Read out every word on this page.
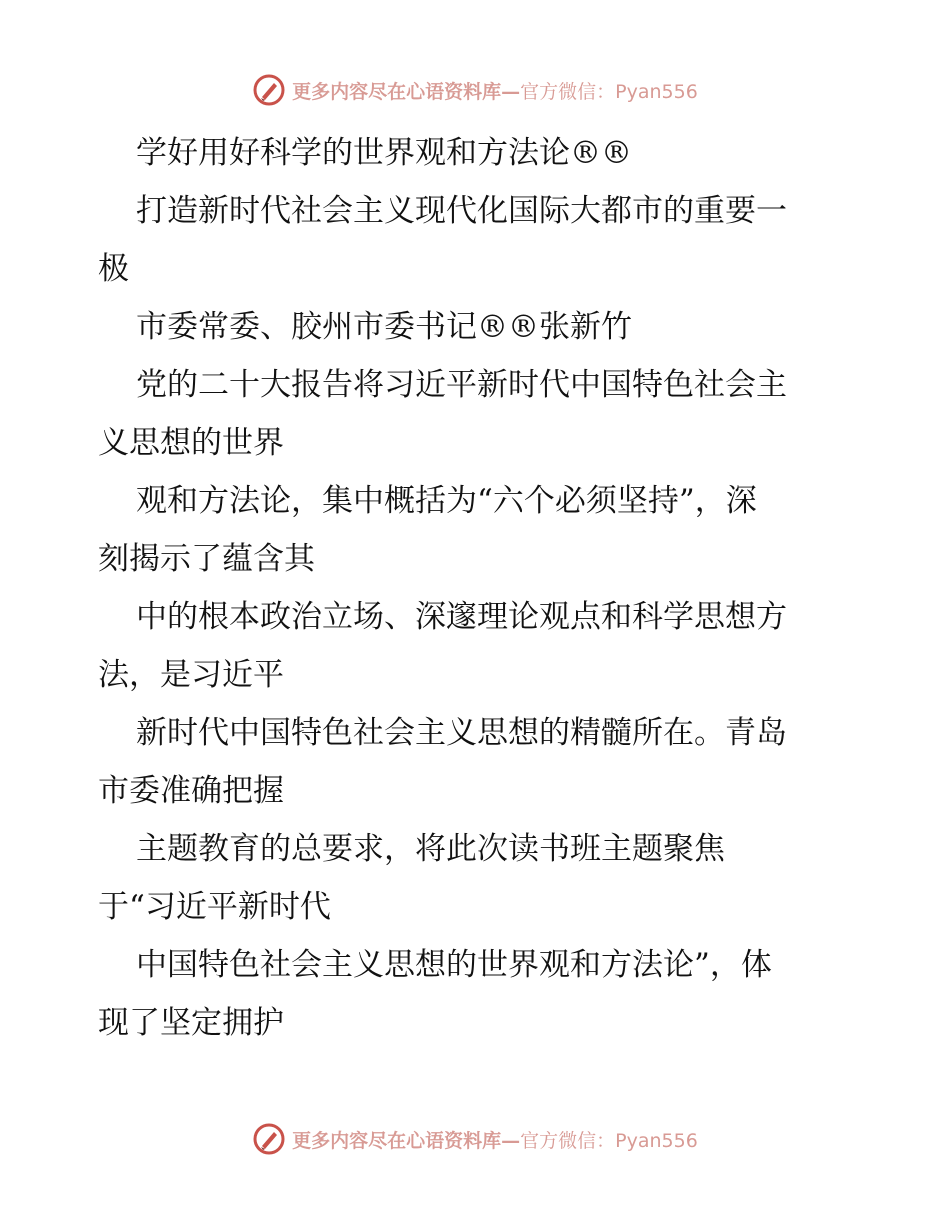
更多内容尽在心语资料库— 官方微信：Pyan556
学好用好科学的世界观和方法论®®
打造新时代社会主义现代化国际大都市的重要一
极
市委常委、胶州市委书记®®张新竹
党的二十大报告将习近平新时代中国特色社会主
义思想的世界
观和方法论，集中概括为“六个必须坚持”，深
刻揭示了蕴含其
中的根本政治立场、深邃理论观点和科学思想方
法，是习近平
新时代中国特色社会主义思想的精髓所在。青岛
市委准确把握
主题教育的总要求，将此次读书班主题聚焦
于“习近平新时代
中国特色社会主义思想的世界观和方法论”，体
现了坚定拥护
更多内容尽在心语资料库— 官方微信：Pyan556
